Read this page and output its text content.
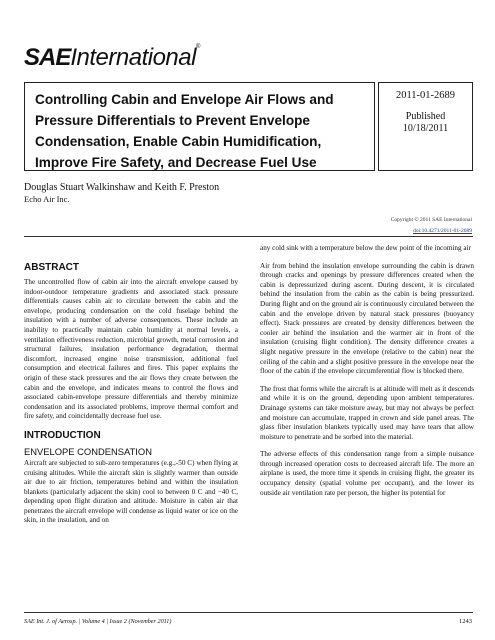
SAEInternational®
Controlling Cabin and Envelope Air Flows and Pressure Differentials to Prevent Envelope Condensation, Enable Cabin Humidification, Improve Fire Safety, and Decrease Fuel Use
2011-01-2689
Published
10/18/2011
Douglas Stuart Walkinshaw and Keith F. Preston
Echo Air Inc.
Copyright © 2011 SAE International
doi:10.4271/2011-01-2689
ABSTRACT

The uncontrolled flow of cabin air into the aircraft envelope caused by indoor-outdoor temperature gradients and associated stack pressure differentials causes cabin air to circulate between the cabin and the envelope, producing condensation on the cold fuselage behind the insulation with a number of adverse consequences. These include an inability to practically maintain cabin humidity at normal levels, a ventilation effectiveness reduction, microbial growth, metal corrosion and structural failures, insulation performance degradation, thermal discomfort, increased engine noise transmission, additional fuel consumption and electrical failures and fires. This paper explains the origin of these stack pressures and the air flows they create between the cabin and the envelope, and indicates means to control the flows and associated cabin-envelope pressure differentials and thereby minimize condensation and its associated problems, improve thermal comfort and fire safety, and coincidentally decrease fuel use.

INTRODUCTION
ENVELOPE CONDENSATION

Aircraft are subjected to sub-zero temperatures (e.g.,-50 C) when flying at cruising altitudes. While the aircraft skin is slightly warmer than outside air due to air friction, temperatures behind and within the insulation blankets (particularly adjacent the skin) cool to between 0 C and −40 C, depending upon flight duration and altitude. Moisture in cabin air that penetrates the aircraft envelope will condense as liquid water or ice on the skin, in the insulation, and on

any cold sink with a temperature below the dew point of the incoming air

Air from behind the insulation envelope surrounding the cabin is drawn through cracks and openings by pressure differences created when the cabin is depressurized during ascent. During descent, it is circulated behind the insulation from the cabin as the cabin is being pressurized. During flight and on the ground air is continuously circulated between the cabin and the envelope driven by natural stack pressures (buoyancy effect). Stack pressures are created by density differences between the cooler air behind the insulation and the warmer air in front of the insulation (cruising flight condition). The density difference creates a slight negative pressure in the envelope (relative to the cabin) near the ceiling of the cabin and a slight positive pressure in the envelope near the floor of the cabin if the envelope circumferential flow is blocked there.

The frost that forms while the aircraft is at altitude will melt as it descends and while it is on the ground, depending upon ambient temperatures. Drainage systems can take moisture away, but may not always be perfect and moisture can accumulate, trapped in crown and side panel areas. The glass fiber insulation blankets typically used may have tears that allow moisture to penetrate and be sorbed into the material.

The adverse effects of this condensation range from a simple nuisance through increased operation costs to decreased aircraft life. The more an airplane is used, the more time it spends in cruising flight, the greater its occupancy density (spatial volume per occupant), and the lower its outside air ventilation rate per person, the higher its potential for

SAE Int. J. of Aerosp. | Volume 4 | Issue 2 (November 2011)	1243
